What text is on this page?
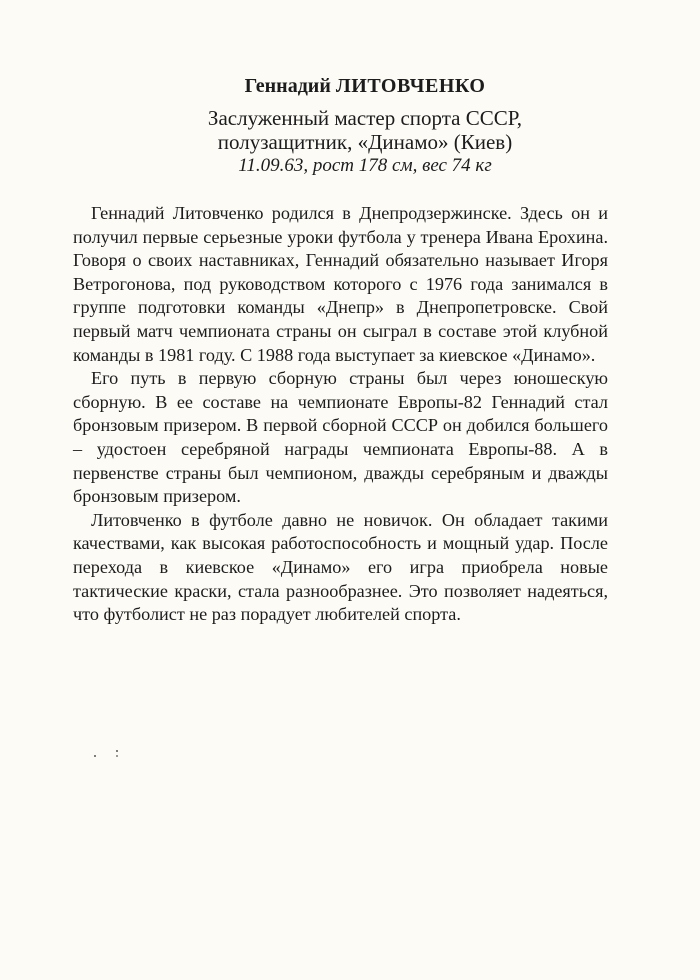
Геннадий ЛИТОВЧЕНКО

Заслуженный мастер спорта СССР,

полузащитник, «Динамо» (Киев)

11.09.63, рост 178 см, вес 74 кг

Геннадий Литовченко родился в Днепродзержинске. Здесь он и получил первые серьезные уроки футбола у тренера Ивана Ерохина. Говоря о своих наставниках, Геннадий обязательно называет Игоря Ветрогонова, под руководством которого с 1976 года занимался в группе подготовки команды «Днепр» в Днепропетровске. Свой первый матч чемпионата страны он сыграл в составе этой клубной команды в 1981 году. С 1988 года выступает за киевское «Динамо».

Его путь в первую сборную страны был через юношескую сборную. В ее составе на чемпионате Европы-82 Геннадий стал бронзовым призером. В первой сборной СССР он добился большего – удостоен серебряной награды чемпионата Европы-88. А в первенстве страны был чемпионом, дважды серебряным и дважды бронзовым призером.

Литовченко в футболе давно не новичок. Он обладает такими качествами, как высокая работоспособность и мощный удар. После перехода в киевское «Динамо» его игра приобрела новые тактические краски, стала разнообразнее. Это позволяет надеяться, что футболист не раз порадует любителей спорта.
